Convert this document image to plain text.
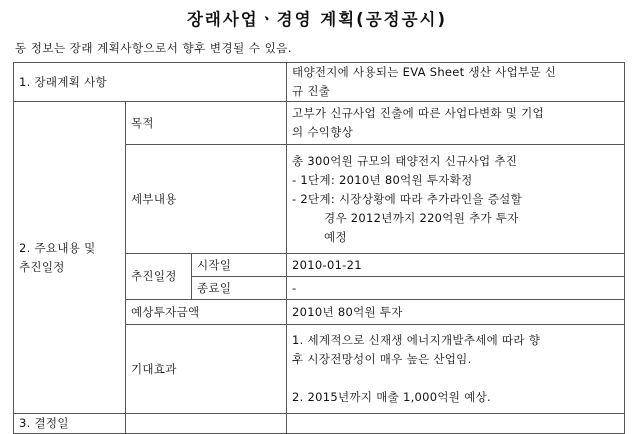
장래사업ㆍ경영 계획(공정공시)
동 정보는 장래 계획사항으로서 향후 변경될 수 있음.
1. 장래계획 사항			태양전지에 사용되는 EVA Sheet 생산 사업부문 신
규 진출

2. 주요내용 및
추진일정	목적		고부가 신규사업 진출에 따른 사업다변화 및 기업
의 수익향상

	세부내용		총 300억원 규모의 태양전지 신규사업 추진
- 1단계: 2010년 80억원 투자확정
- 2단계: 시장상황에 따라 추가라인을 증설할
경우 2012년까지 220억원 추가 투자
예정

	추진일정	시작일	2010-01-21
		종료일	-
	예상투자금액		2010년 80억원 투자
	기대효과		1. 세계적으로 신재생 에너지개발추세에 따라 향
후 시장전망성이 매우 높은 산업임.

2. 2015년까지 매출 1,000억원 예상.

3. 결정일			
